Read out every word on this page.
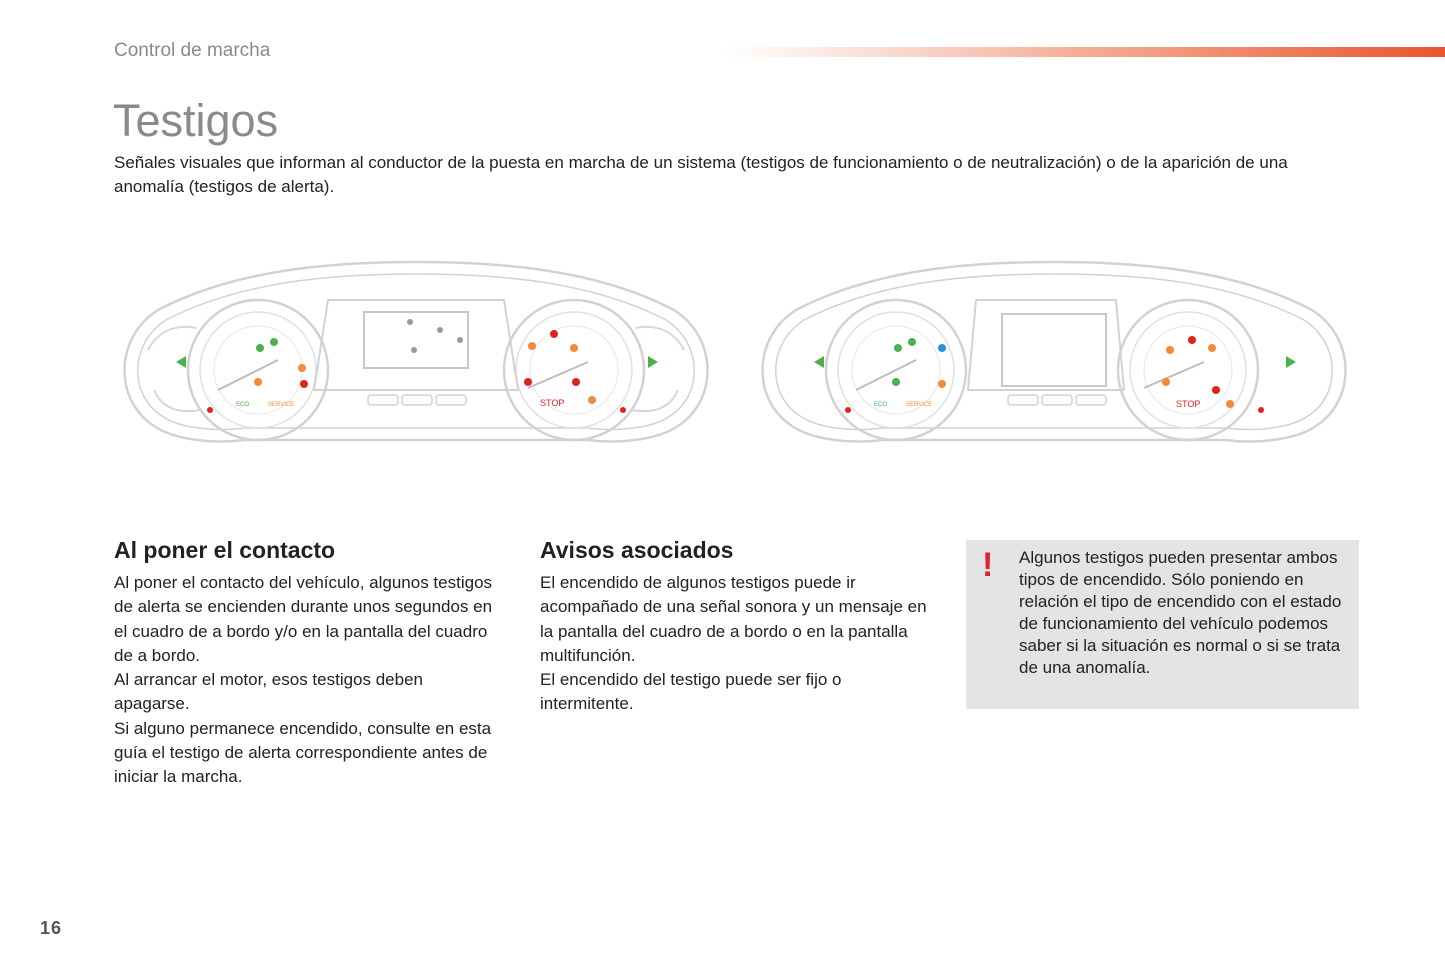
Control de marcha
Testigos

Señales visuales que informan al conductor de la puesta en marcha de un sistema (testigos de funcionamiento o de neutralización) o de la aparición de una anomalía (testigos de alerta).

ECO	SERVICE	STOP	ECO	SERVICE	STOP
Al poner el contacto

Al poner el contacto del vehículo, algunos testigos de alerta se encienden durante unos segundos en el cuadro de a bordo y/o en la pantalla del cuadro de a bordo.

Al arrancar el motor, esos testigos deben apagarse.

Si alguno permanece encendido, consulte en esta guía el testigo de alerta correspondiente antes de iniciar la marcha.

Avisos asociados

El encendido de algunos testigos puede ir acompañado de una señal sonora y un mensaje en la pantalla del cuadro de a bordo o en la pantalla multifunción.

El encendido del testigo puede ser fijo o intermitente.

! Algunos testigos pueden presentar ambos tipos de encendido. Sólo poniendo en relación el tipo de encendido con el estado de funcionamiento del vehículo podemos saber si la situación es normal o si se trata de una anomalía.

16
